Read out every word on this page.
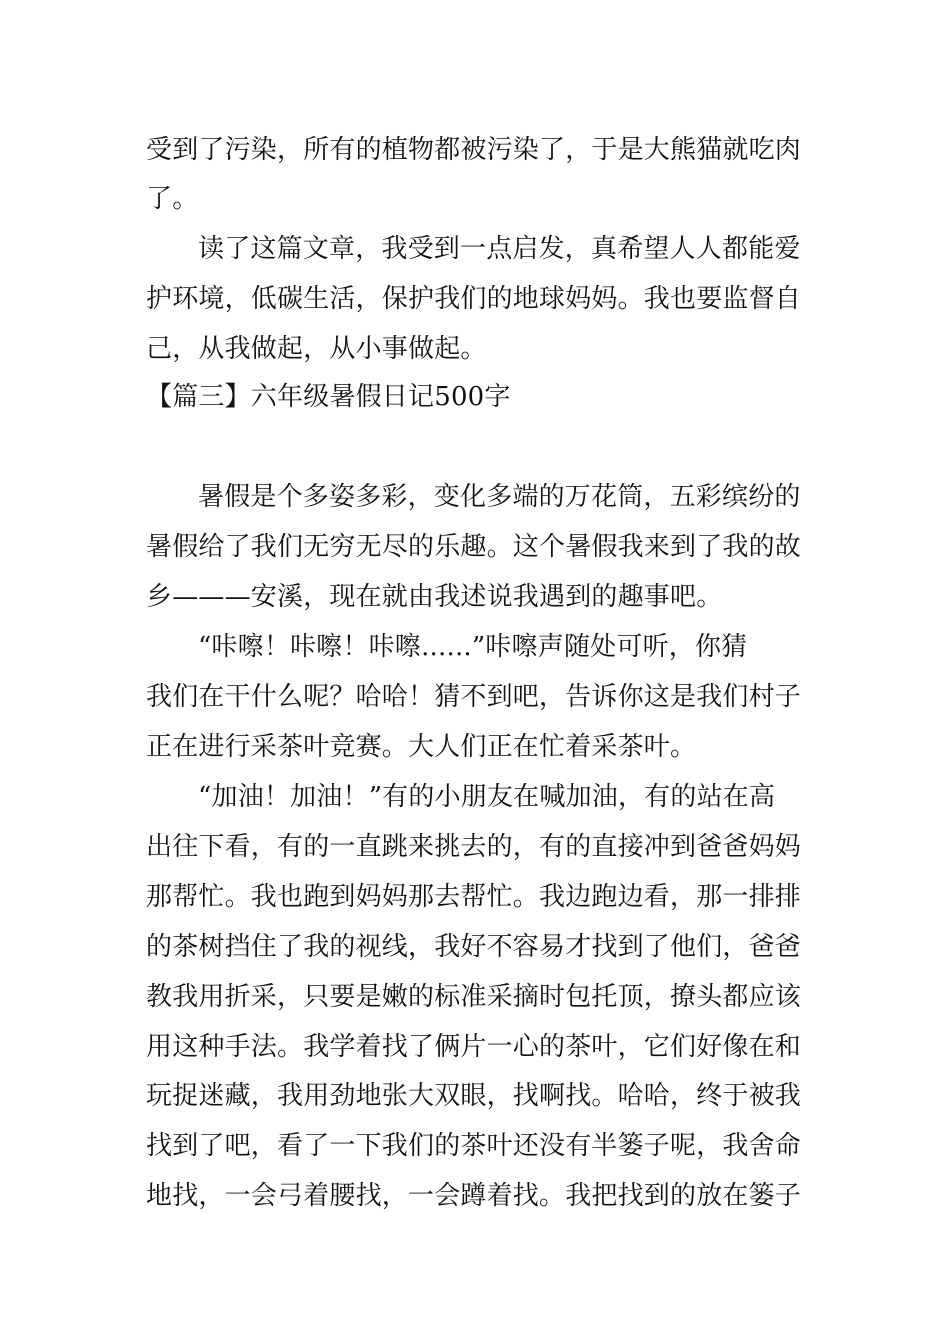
受到了污染，所有的植物都被污染了，于是大熊猫就吃肉
了。
读了这篇文章，我受到一点启发，真希望人人都能爱
护环境，低碳生活，保护我们的地球妈妈。我也要监督自
己，从我做起，从小事做起。
【篇三】六年级暑假日记500字
暑假是个多姿多彩，变化多端的万花筒，五彩缤纷的
暑假给了我们无穷无尽的乐趣。这个暑假我来到了我的故
乡———安溪，现在就由我述说我遇到的趣事吧。
“咔嚓！咔嚓！咔嚓......”咔嚓声随处可听，你猜
我们在干什么呢？哈哈！猜不到吧，告诉你这是我们村子
正在进行采茶叶竞赛。大人们正在忙着采茶叶。
“加油！加油！”有的小朋友在喊加油，有的站在高
出往下看，有的一直跳来挑去的，有的直接冲到爸爸妈妈
那帮忙。我也跑到妈妈那去帮忙。我边跑边看，那一排排
的茶树挡住了我的视线，我好不容易才找到了他们，爸爸
教我用折采，只要是嫩的标准采摘时包托顶，撩头都应该
用这种手法。我学着找了俩片一心的茶叶，它们好像在和
玩捉迷藏，我用劲地张大双眼，找啊找。哈哈，终于被我
找到了吧，看了一下我们的茶叶还没有半篓子呢，我舍命
地找，一会弓着腰找，一会蹲着找。我把找到的放在篓子
